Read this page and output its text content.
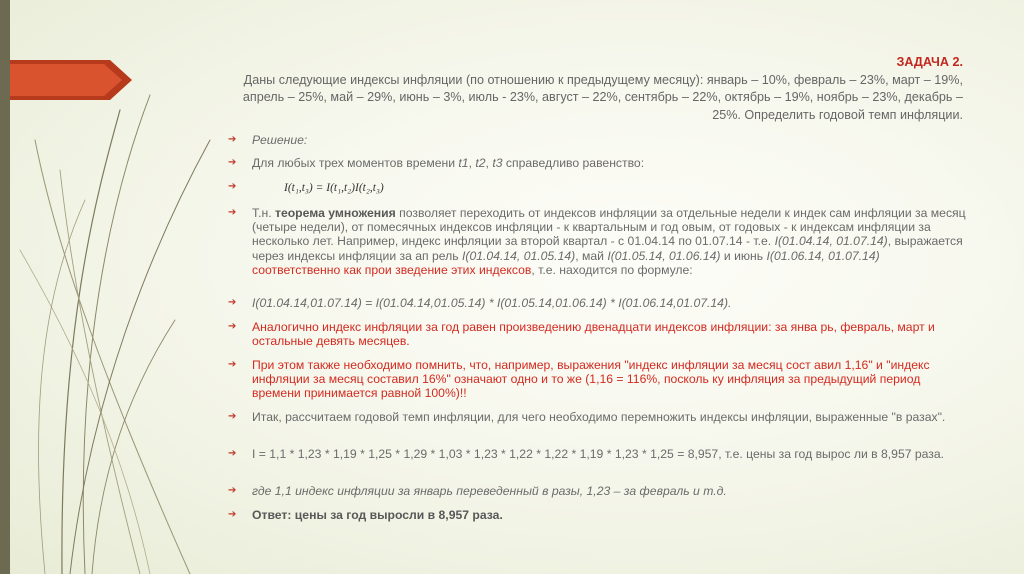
ЗАДАЧА 2.
Даны следующие индексы инфляции (по отношению к предыдущему месяцу): январь – 10%, февраль – 23%, март – 19%, апрель – 25%, май – 29%, июнь – 3%, июль - 23%, август – 22%, сентябрь – 22%, октябрь – 19%, ноябрь – 23%, декабрь – 25%. Определить годовой темп инфляции.
➔ Решение:
➔ Для любых трех моментов времени t1, t2, t3 справедливо равенство:
➔	I(t₁,t₃) = I(t₁,t₂)I(t₂,t₃)
➔ Т.н. теорема умножения позволяет переходить от индексов инфляции за отдельные недели к индек сам инфляции за месяц (четыре недели), от помесячных индексов инфляции - к квартальным и год овым, от годовых - к индексам инфляции за несколько лет. Например, индекс инфляции за второй квартал - с 01.04.14 по 01.07.14 - т.е. I(01.04.14, 01.07.14), выражается через индексы инфляции за ап рель I(01.04.14, 01.05.14), май I(01.05.14, 01.06.14) и июнь I(01.06.14, 01.07.14) соответственно как прои зведение этих индексов, т.е. находится по формуле:
➔ I(01.04.14,01.07.14) = I(01.04.14,01.05.14) * I(01.05.14,01.06.14) * I(01.06.14,01.07.14).
➔ Аналогично индекс инфляции за год равен произведению двенадцати индексов инфляции: за янва рь, февраль, март и остальные девять месяцев.
➔ При этом также необходимо помнить, что, например, выражения "индекс инфляции за месяц сост авил 1,16" и "индекс инфляции за месяц составил 16%" означают одно и то же (1,16 = 116%, посколь ку инфляция за предыдущий период времени принимается равной 100%)!!
➔ Итак, рассчитаем годовой темп инфляции, для чего необходимо перемножить индексы инфляции, выраженные "в разах".
➔ I = 1,1 * 1,23 * 1,19 * 1,25 * 1,29 * 1,03 * 1,23 * 1,22 * 1,22 * 1,19 * 1,23 * 1,25 = 8,957, т.е. цены за год вырос ли в 8,957 раза.
➔ где 1,1 индекс инфляции за январь переведенный в разы, 1,23 – за февраль и т.д.
➔ Ответ: цены за год выросли в 8,957 раза.
